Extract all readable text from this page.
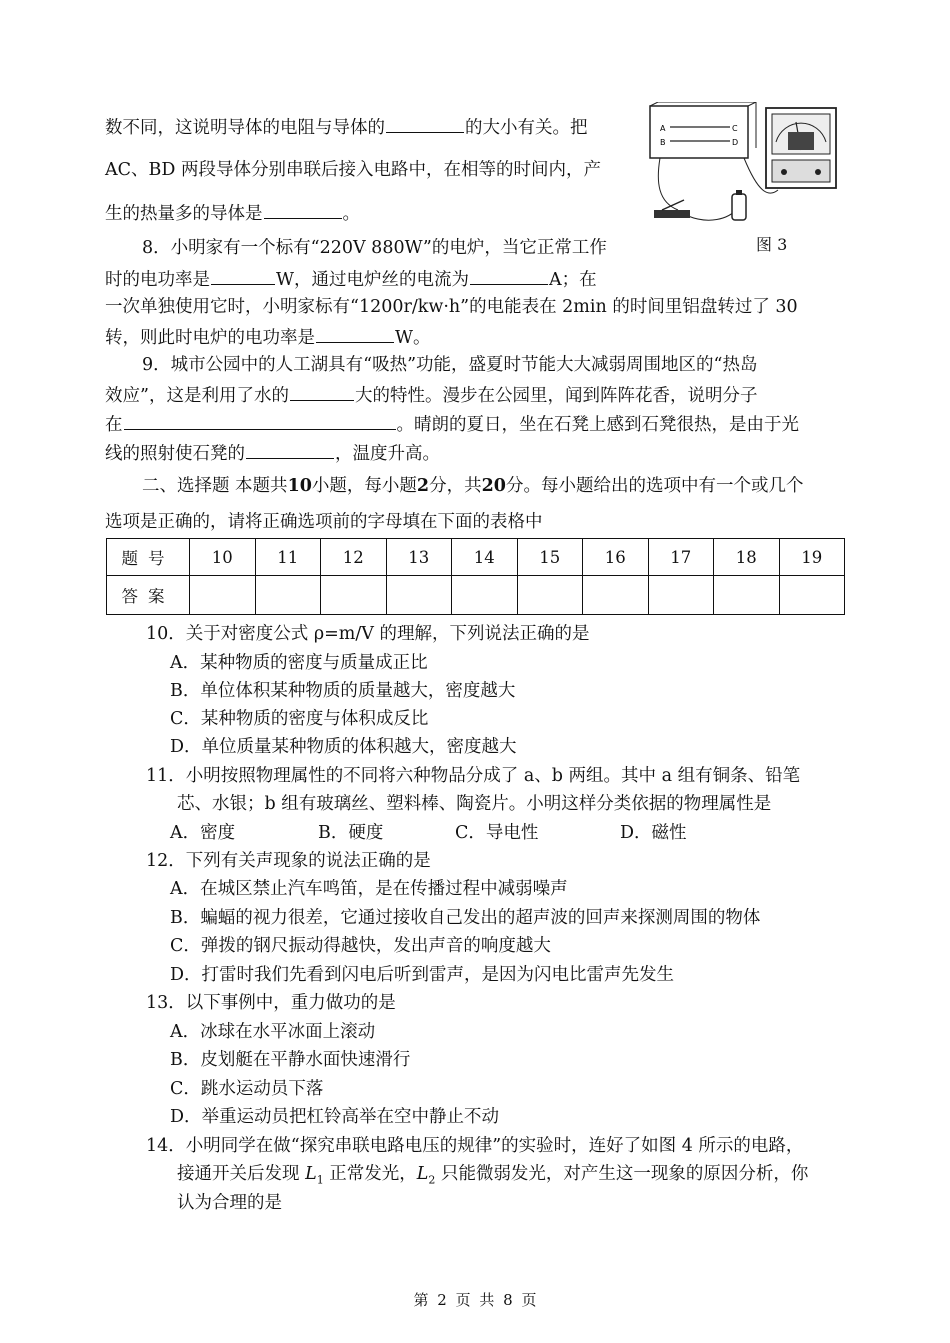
数不同，这说明导体的电阻与导体的	的大小有关。把
AC、BD 两段导体分别串联后接入电路中，在相等的时间内，产
生的热量多的导体是	。
A
B
C
D
图 3
8．小明家有一个标有“220V 880W”的电炉，当它正常工作
时的电功率是	W，通过电炉丝的电流为	A；在
一次单独使用它时，小明家标有“1200r/kw·h”的电能表在 2min 的时间里铝盘转过了 30
转，则此时电炉的电功率是	W。
9．城市公园中的人工湖具有“吸热”功能，盛夏时节能大大减弱周围地区的“热岛
效应”，这是利用了水的	大的特性。漫步在公园里，闻到阵阵花香，说明分子
在	。晴朗的夏日，坐在石凳上感到石凳很热，是由于光
线的照射使石凳的	，温度升高。
二、选择题 本题共10小题，每小题2分，共20分。每小题给出的选项中有一个或几个
选项是正确的，请将正确选项前的字母填在下面的表格中
题号	10	11	12	13	14	15	16	17	18	19
答案										
10．关于对密度公式 ρ=m/V 的理解，下列说法正确的是
A．某种物质的密度与质量成正比
B．单位体积某种物质的质量越大，密度越大
C．某种物质的密度与体积成反比
D．单位质量某种物质的体积越大，密度越大
11．小明按照物理属性的不同将六种物品分成了 a、b 两组。其中 a 组有铜条、铅笔
芯、水银；b 组有玻璃丝、塑料棒、陶瓷片。小明这样分类依据的物理属性是
A．密度	B．硬度	C．导电性	D．磁性
12．下列有关声现象的说法正确的是
A．在城区禁止汽车鸣笛，是在传播过程中减弱噪声
B．蝙蝠的视力很差，它通过接收自己发出的超声波的回声来探测周围的物体
C．弹拨的钢尺振动得越快，发出声音的响度越大
D．打雷时我们先看到闪电后听到雷声，是因为闪电比雷声先发生
13．以下事例中，重力做功的是
A．冰球在水平冰面上滚动
B．皮划艇在平静水面快速滑行
C．跳水运动员下落
D．举重运动员把杠铃高举在空中静止不动
14．小明同学在做“探究串联电路电压的规律”的实验时，连好了如图 4 所示的电路，
接通开关后发现 $L_1$ 正常发光，$L_2$ 只能微弱发光，对产生这一现象的原因分析，你
认为合理的是
第 2 页 共 8 页
